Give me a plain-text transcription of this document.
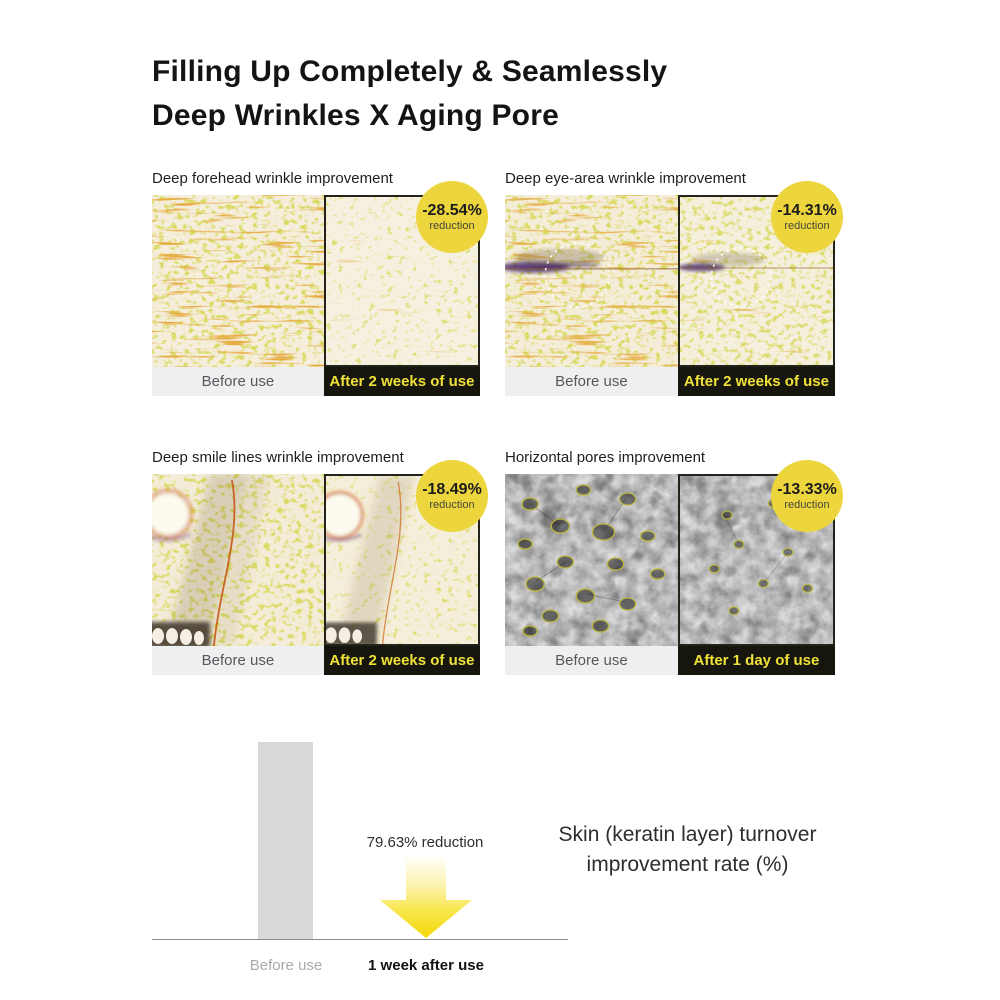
Filling Up Completely & Seamlessly
Deep Wrinkles X Aging Pore
Deep forehead wrinkle improvement
-28.54%
reduction
Before use	After 2 weeks of use
Deep eye-area wrinkle improvement
-14.31%
reduction
Before use	After 2 weeks of use
Deep smile lines wrinkle improvement
-18.49%
reduction
Before use	After 2 weeks of use
Horizontal pores improvement
-13.33%
reduction
Before use	After 1 day of use
79.63% reduction
Before use	1 week after use
Skin (keratin layer) turnover
improvement rate (%)
